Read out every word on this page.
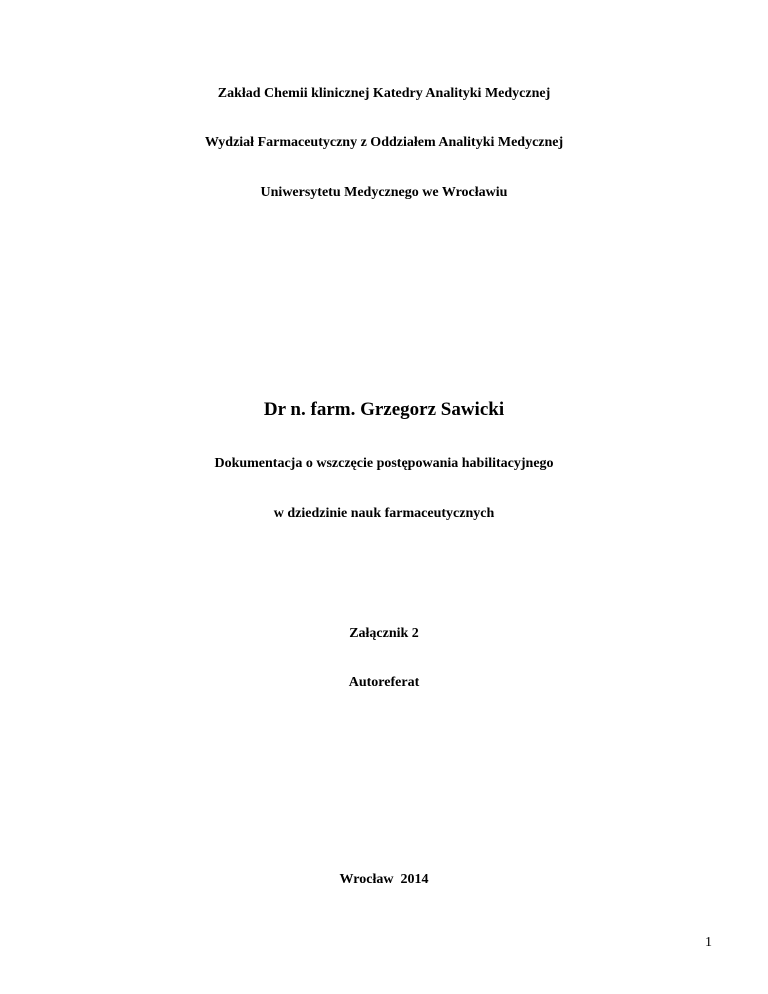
Zakład Chemii klinicznej Katedry Analityki Medycznej
Wydział Farmaceutyczny z Oddziałem Analityki Medycznej
Uniwersytetu Medycznego we Wrocławiu
Dr n. farm. Grzegorz Sawicki
Dokumentacja o wszczęcie postępowania habilitacyjnego
w dziedzinie nauk farmaceutycznych
Załącznik 2
Autoreferat
Wrocław  2014
1
